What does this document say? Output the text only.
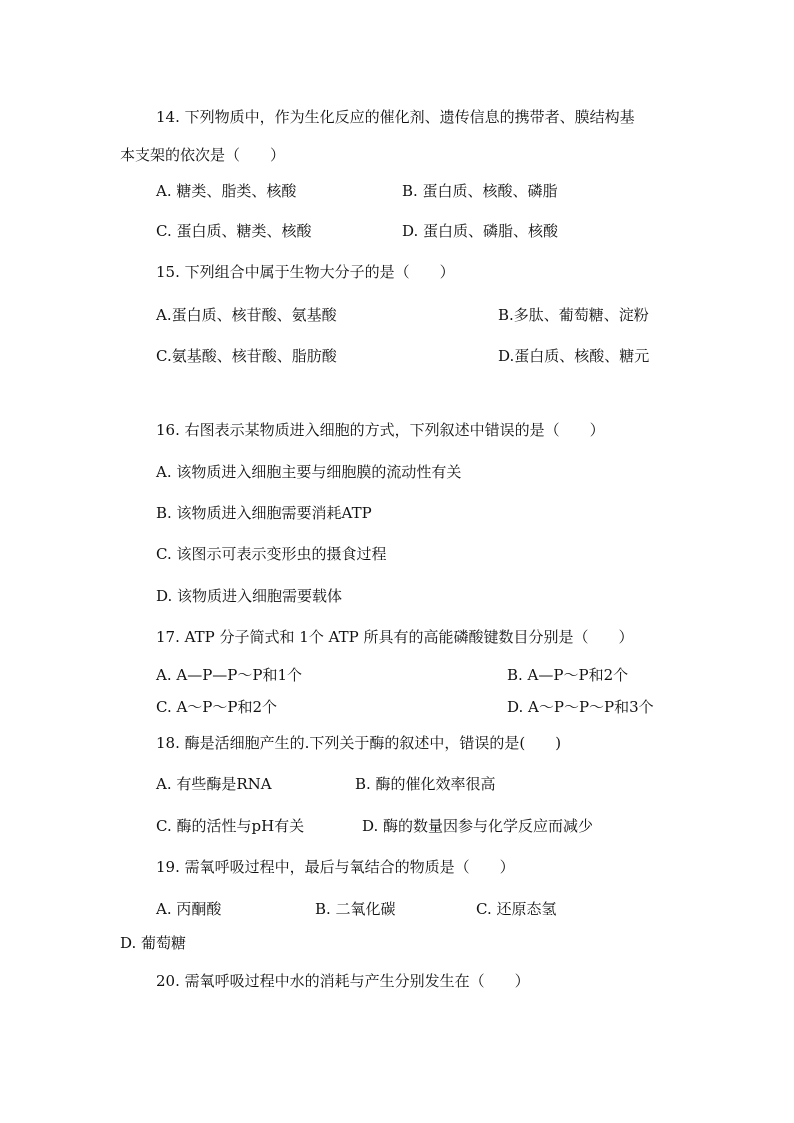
14. 下列物质中，作为生化反应的催化剂、遗传信息的携带者、膜结构基
本支架的依次是（　　）
A. 糖类、脂类、核酸	B. 蛋白质、核酸、磷脂
C. 蛋白质、糖类、核酸	D. 蛋白质、磷脂、核酸
15. 下列组合中属于生物大分子的是（　　）
A.蛋白质、核苷酸、氨基酸	B.多肽、葡萄糖、淀粉
C.氨基酸、核苷酸、脂肪酸	D.蛋白质、核酸、糖元
16. 右图表示某物质进入细胞的方式，下列叙述中错误的是（　　）
A. 该物质进入细胞主要与细胞膜的流动性有关
B. 该物质进入细胞需要消耗ATP
C. 该图示可表示变形虫的摄食过程
D. 该物质进入细胞需要载体
17. ATP 分子简式和 1个 ATP 所具有的高能磷酸键数目分别是（　　）
A. A—P—P～P和1个	B. A—P～P和2个
C. A～P～P和2个	D. A～P～P～P和3个
18. 酶是活细胞产生的.下列关于酶的叙述中，错误的是(　　)
A. 有些酶是RNA	B. 酶的催化效率很高
C. 酶的活性与pH有关	D. 酶的数量因参与化学反应而减少
19. 需氧呼吸过程中，最后与氧结合的物质是（　　）
A. 丙酮酸	B. 二氧化碳	C. 还原态氢
D. 葡萄糖
20. 需氧呼吸过程中水的消耗与产生分别发生在（　　）
